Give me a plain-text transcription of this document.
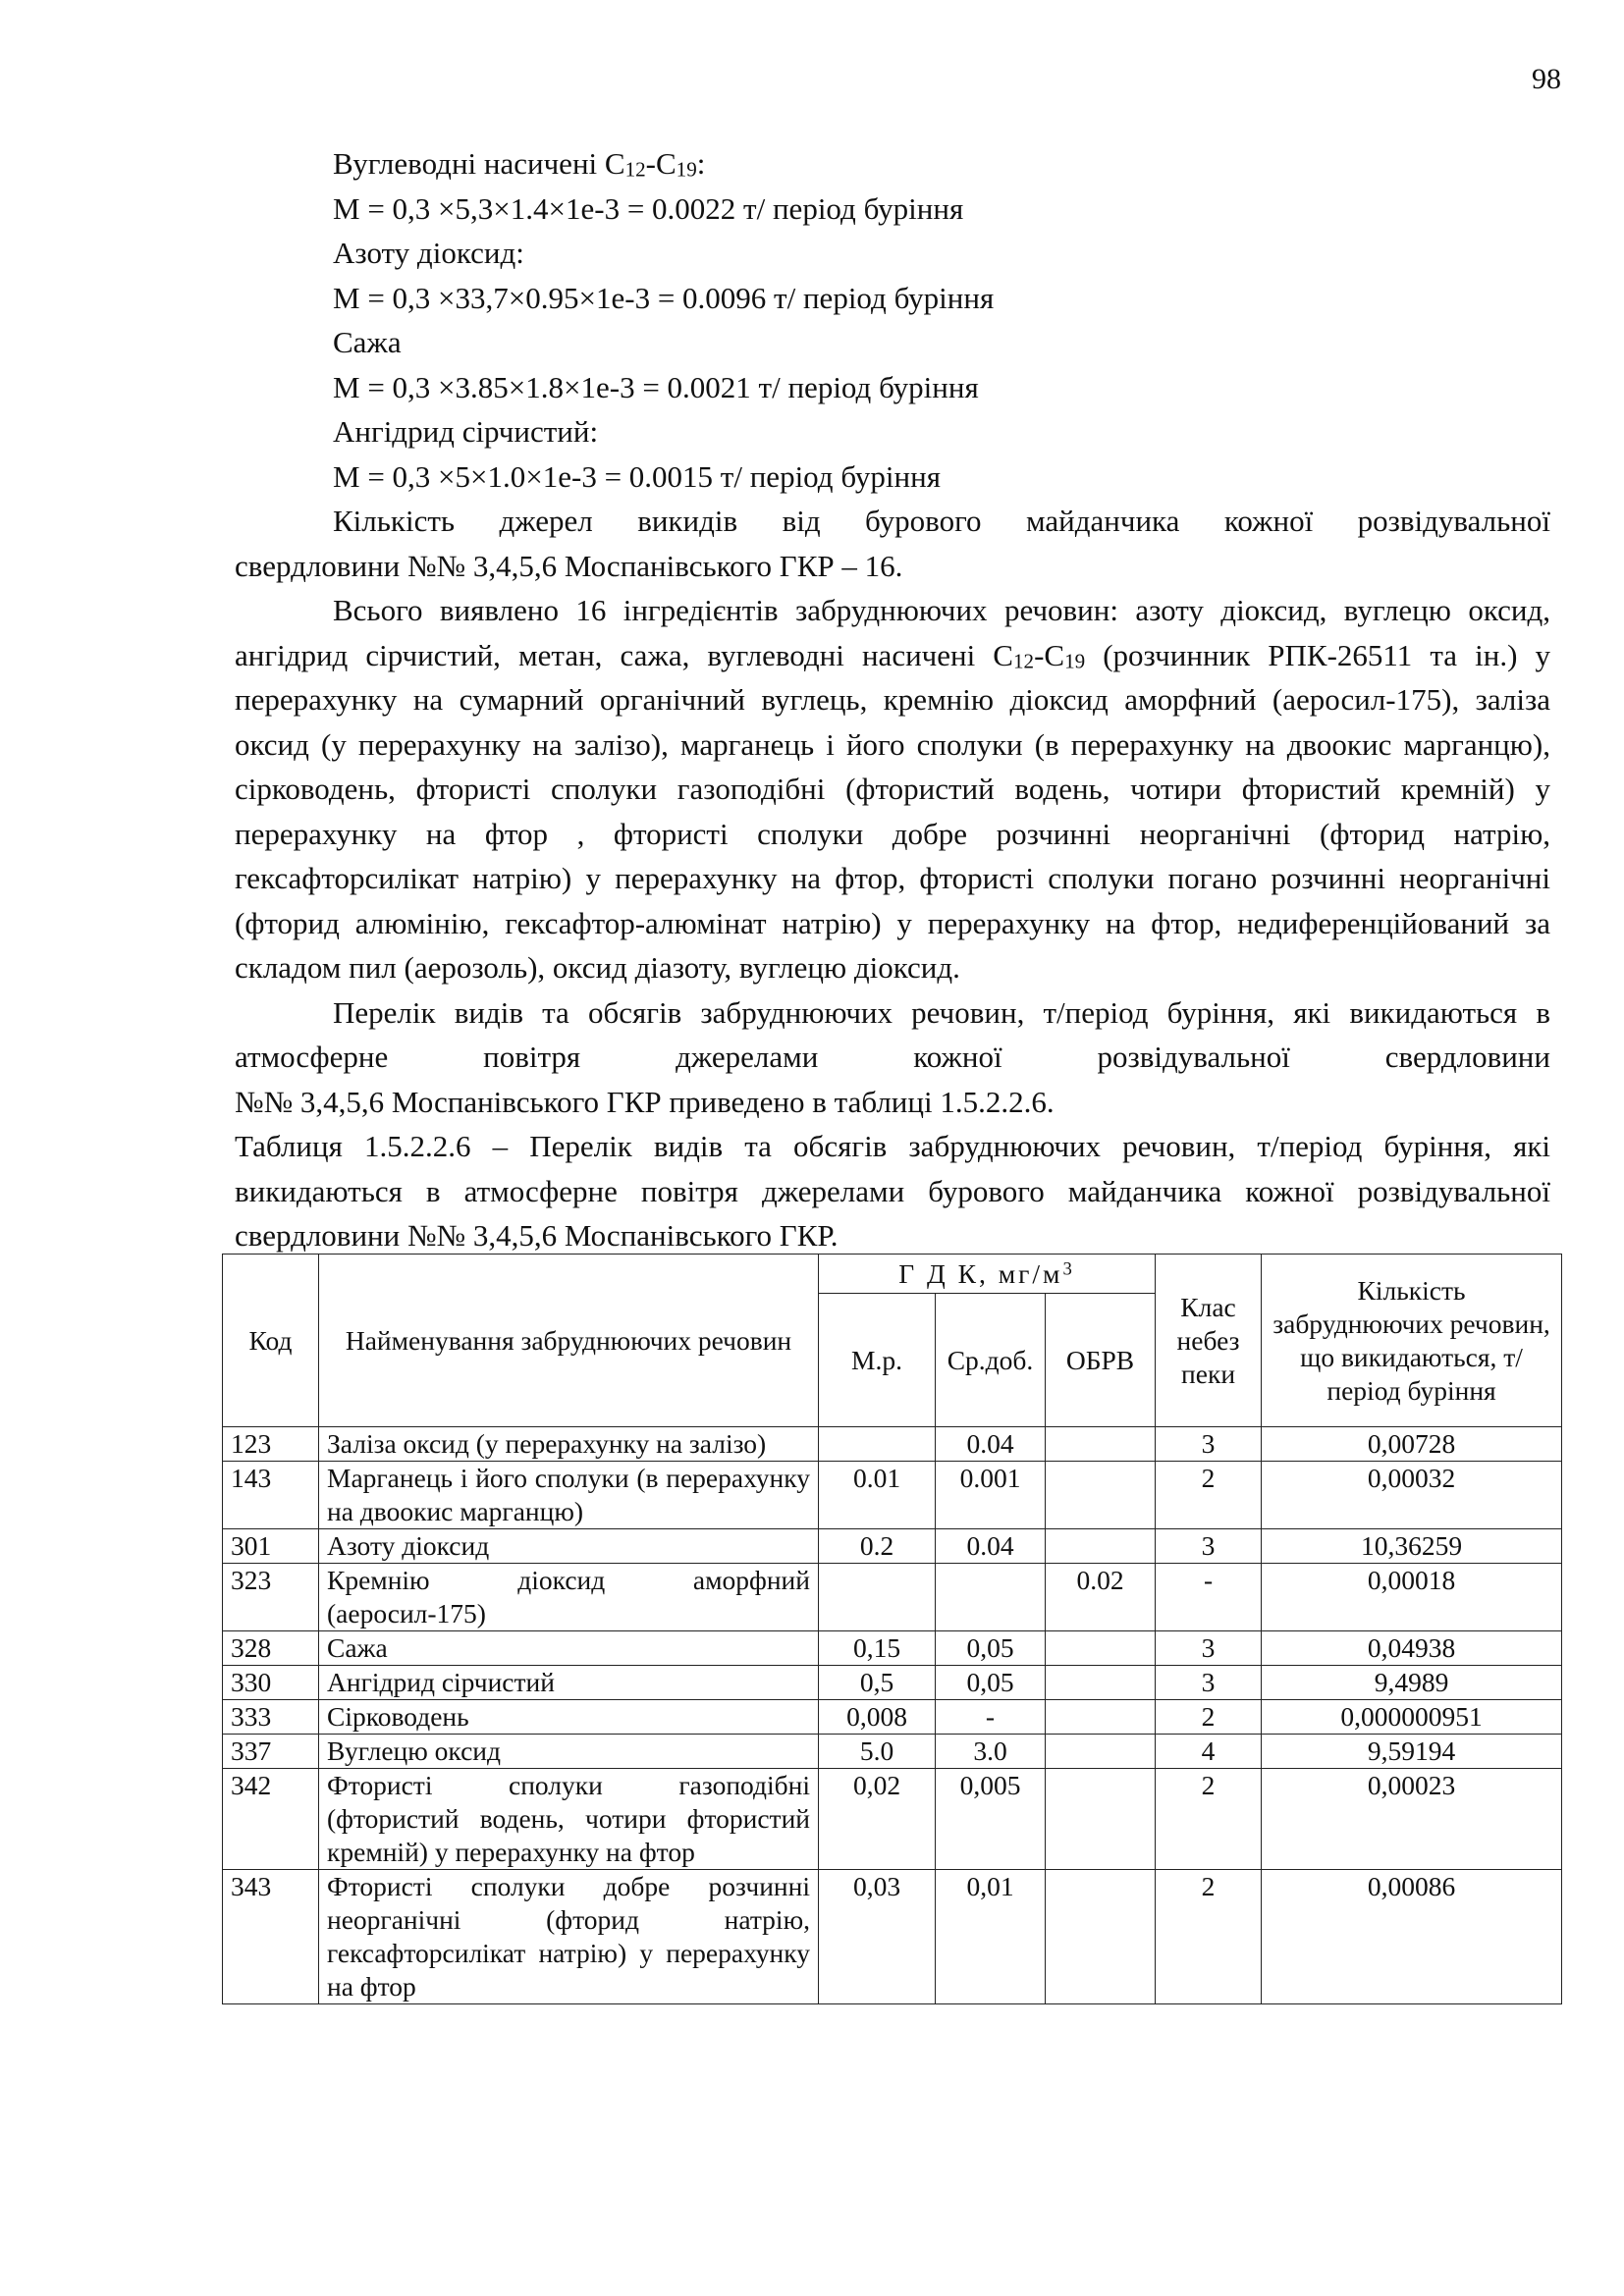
98

Вуглеводні насичені $C_{12}-C_{19}$:

M = 0,3 ×5,3×1.4×1e-3 = 0.0022 т/ період буріння

Азоту діоксид:

M = 0,3 ×33,7×0.95×1e-3 = 0.0096 т/ період буріння

Сажа

M = 0,3 ×3.85×1.8×1e-3 = 0.0021 т/ період буріння

Ангідрид сірчистий:

M = 0,3 ×5×1.0×1e-3 = 0.0015 т/ період буріння

Кількість джерел викидів від бурового майданчика кожної розвідувальної

свердловини №№ 3,4,5,6 Моспанівського ГКР – 16.

Всього виявлено 16 інгредієнтів забруднюючих речовин: азоту діоксид, вуглецю оксид, ангідрид сірчистий, метан, сажа, вуглеводні насичені $C_{12}-C_{19}$ (розчинник РПК-26511 та ін.) у перерахунку на сумарний органічний вуглець, кремнію діоксид аморфний (аеросил-175), заліза оксид (у перерахунку на залізо), марганець і його сполуки (в перерахунку на двоокис марганцю), сірководень, фтористі сполуки газоподібні (фтористий водень, чотири фтористий кремній) у перерахунку на фтор , фтористі сполуки добре розчинні неорганічні (фторид натрію, гексафторсилікат натрію) у перерахунку на фтор, фтористі сполуки погано розчинні неорганічні (фторид алюмінію, гексафтор-алюмінат натрію) у перерахунку на фтор, недиференційований за складом пил (аерозоль), оксид діазоту, вуглецю діоксид.

Перелік видів та обсягів забруднюючих речовин, т/період буріння, які викидаються в

атмосферне повітря джерелами кожної розвідувальної свердловини

№№ 3,4,5,6 Моспанівського ГКР приведено в таблиці 1.5.2.2.6.

Таблиця 1.5.2.2.6 – Перелік видів та обсягів забруднюючих речовин, т/період буріння, які викидаються в атмосферне повітря джерелами бурового майданчика кожної розвідувальної свердловини №№ 3,4,5,6 Моспанівського ГКР.

Код	Найменування забруднюючих речовин	Г Д К, $мг/м^3$			Клас небез пеки	Кількість забруднюючих речовин, що викидаються, т/період буріння
		М.р.	Ср.доб.	ОБРВ		
123	Заліза оксид (у перерахунку на залізо)		0.04		3	0,00728
143	Марганець і його сполуки (в перерахунку на двоокис марганцю)	0.01	0.001		2	0,00032
301	Азоту діоксид	0.2	0.04		3	10,36259
323	Кремнію діоксид аморфний (аеросил-175)			0.02	-	0,00018
328	Сажа	0,15	0,05		3	0,04938
330	Ангідрид сірчистий	0,5	0,05		3	9,4989
333	Сірководень	0,008	-		2	0,000000951
337	Вуглецю оксид	5.0	3.0		4	9,59194
342	Фтористі сполуки газоподібні (фтористий водень, чотири фтористий кремній) у перерахунку на фтор	0,02	0,005		2	0,00023
343	Фтористі сполуки добре розчинні неорганічні (фторид натрію, гексафторсилікат натрію) у перерахунку на фтор	0,03	0,01		2	0,00086
